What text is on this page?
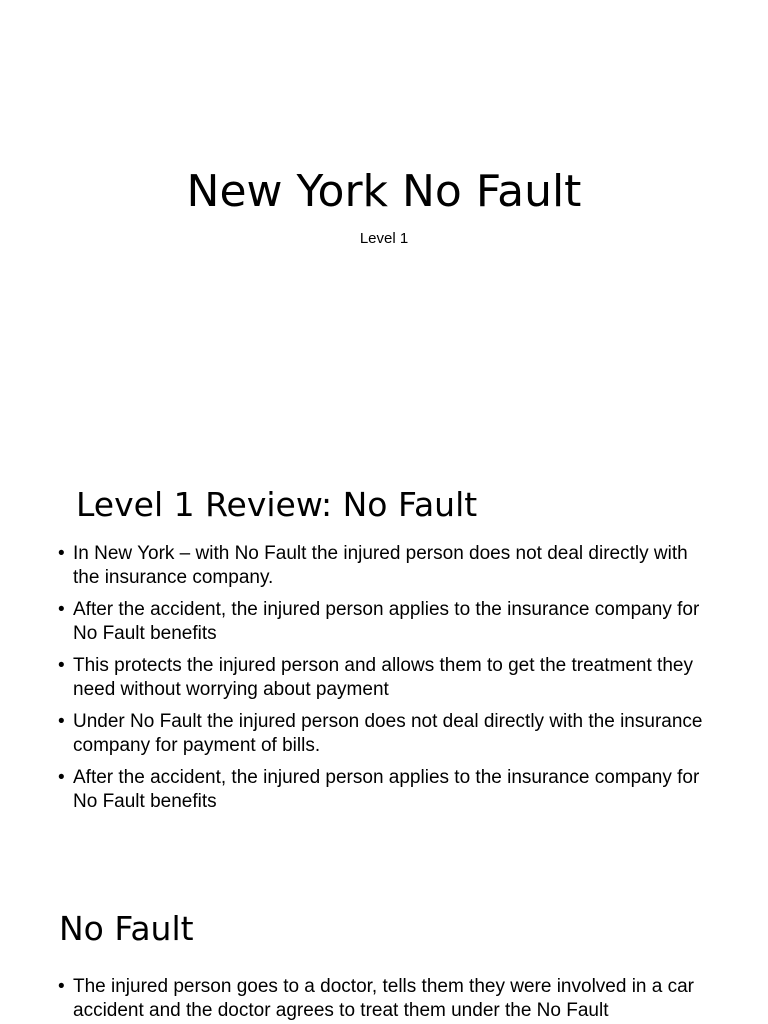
New York No Fault

Level 1

Level 1 Review: No Fault
• In New York – with No Fault the injured person does not deal directly with the insurance company.
• After the accident, the injured person applies to the insurance company for No Fault benefits
• This protects the injured person and allows them to get the treatment they need without worrying about payment
• Under No Fault the injured person does not deal directly with the insurance company for payment of bills.
• After the accident, the injured person applies to the insurance company for No Fault benefits
No Fault
• The injured person goes to a doctor, tells them they were involved in a car accident and the doctor agrees to treat them under the No Fault
